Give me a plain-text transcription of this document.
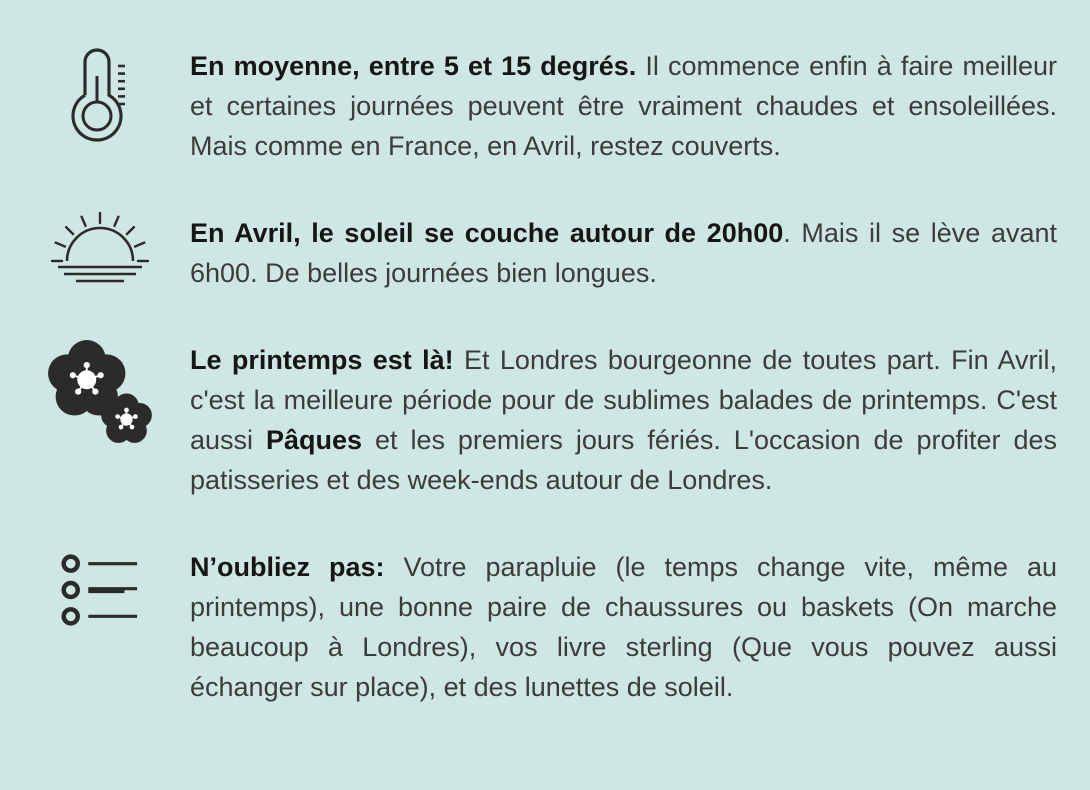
En moyenne, entre 5 et 15 degrés. Il commence enfin à faire meilleur et certaines journées peuvent être vraiment chaudes et ensoleillées. Mais comme en France, en Avril, restez couverts.

En Avril, le soleil se couche autour de 20h00. Mais il se lève avant 6h00. De belles journées bien longues.

Le printemps est là! Et Londres bourgeonne de toutes part. Fin Avril, c'est la meilleure période pour de sublimes balades de printemps. C'est aussi Pâques et les premiers jours fériés. L'occasion de profiter des patisseries et des week-ends autour de Londres.

N’oubliez pas: Votre parapluie (le temps change vite, même au printemps), une bonne paire de chaussures ou baskets (On marche beaucoup à Londres), vos livre sterling (Que vous pouvez aussi échanger sur place), et des lunettes de soleil.
